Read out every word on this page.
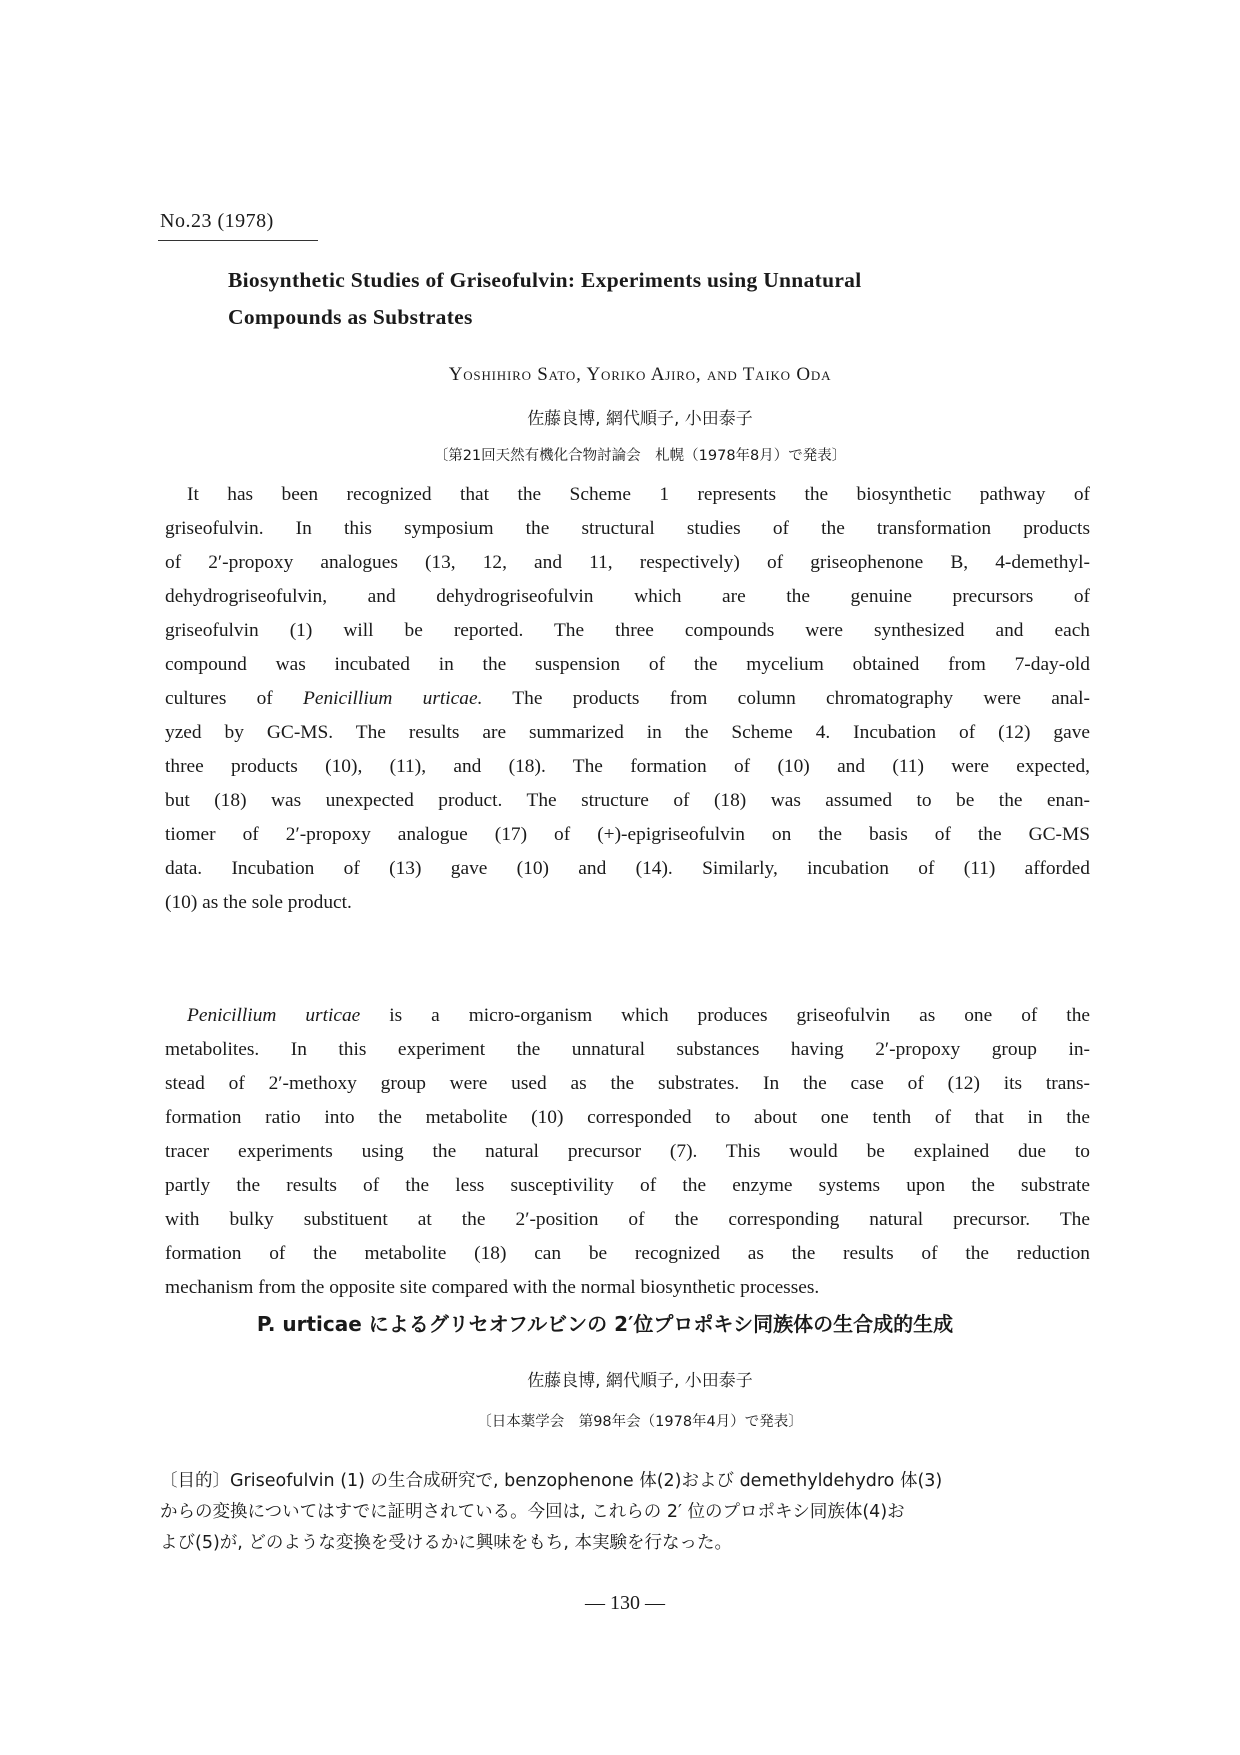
No.23 (1978)
Biosynthetic Studies of Griseofulvin: Experiments using Unnatural
Compounds as Substrates
Yoshihiro Sato, Yoriko Ajiro, and Taiko Oda
佐藤良博, 網代順子, 小田泰子
〔第21回天然有機化合物討論会　札幌（1978年8月）で発表〕
It has been recognized that the Scheme 1 represents the biosynthetic pathway of
griseofulvin. In this symposium the structural studies of the transformation products
of 2′-propoxy analogues (13, 12, and 11, respectively) of griseophenone B, 4-demethyl-
dehydrogriseofulvin, and dehydrogriseofulvin which are the genuine precursors of
griseofulvin (1) will be reported. The three compounds were synthesized and each
compound was incubated in the suspension of the mycelium obtained from 7-day-old
cultures of Penicillium urticae. The products from column chromatography were anal-
yzed by GC-MS. The results are summarized in the Scheme 4. Incubation of (12) gave
three products (10), (11), and (18). The formation of (10) and (11) were expected,
but (18) was unexpected product. The structure of (18) was assumed to be the enan-
tiomer of 2′-propoxy analogue (17) of (+)-epigriseofulvin on the basis of the GC-MS
data. Incubation of (13) gave (10) and (14). Similarly, incubation of (11) afforded
(10) as the sole product.
Penicillium urticae is a micro-organism which produces griseofulvin as one of the
metabolites. In this experiment the unnatural substances having 2′-propoxy group in-
stead of 2′-methoxy group were used as the substrates. In the case of (12) its trans-
formation ratio into the metabolite (10) corresponded to about one tenth of that in the
tracer experiments using the natural precursor (7). This would be explained due to
partly the results of the less susceptivility of the enzyme systems upon the substrate
with bulky substituent at the 2′-position of the corresponding natural precursor. The
formation of the metabolite (18) can be recognized as the results of the reduction
mechanism from the opposite site compared with the normal biosynthetic processes.
P. urticae によるグリセオフルビンの 2′位プロポキシ同族体の生合成的生成
佐藤良博, 網代順子, 小田泰子
〔日本薬学会　第98年会（1978年4月）で発表〕
〔目的〕Griseofulvin (1) の生合成研究で, benzophenone 体(2)および demethyldehydro 体(3)
からの変換についてはすでに証明されている。今回は, これらの 2′ 位のプロポキシ同族体(4)お
よび(5)が, どのような変換を受けるかに興味をもち, 本実験を行なった。
— 130 —
